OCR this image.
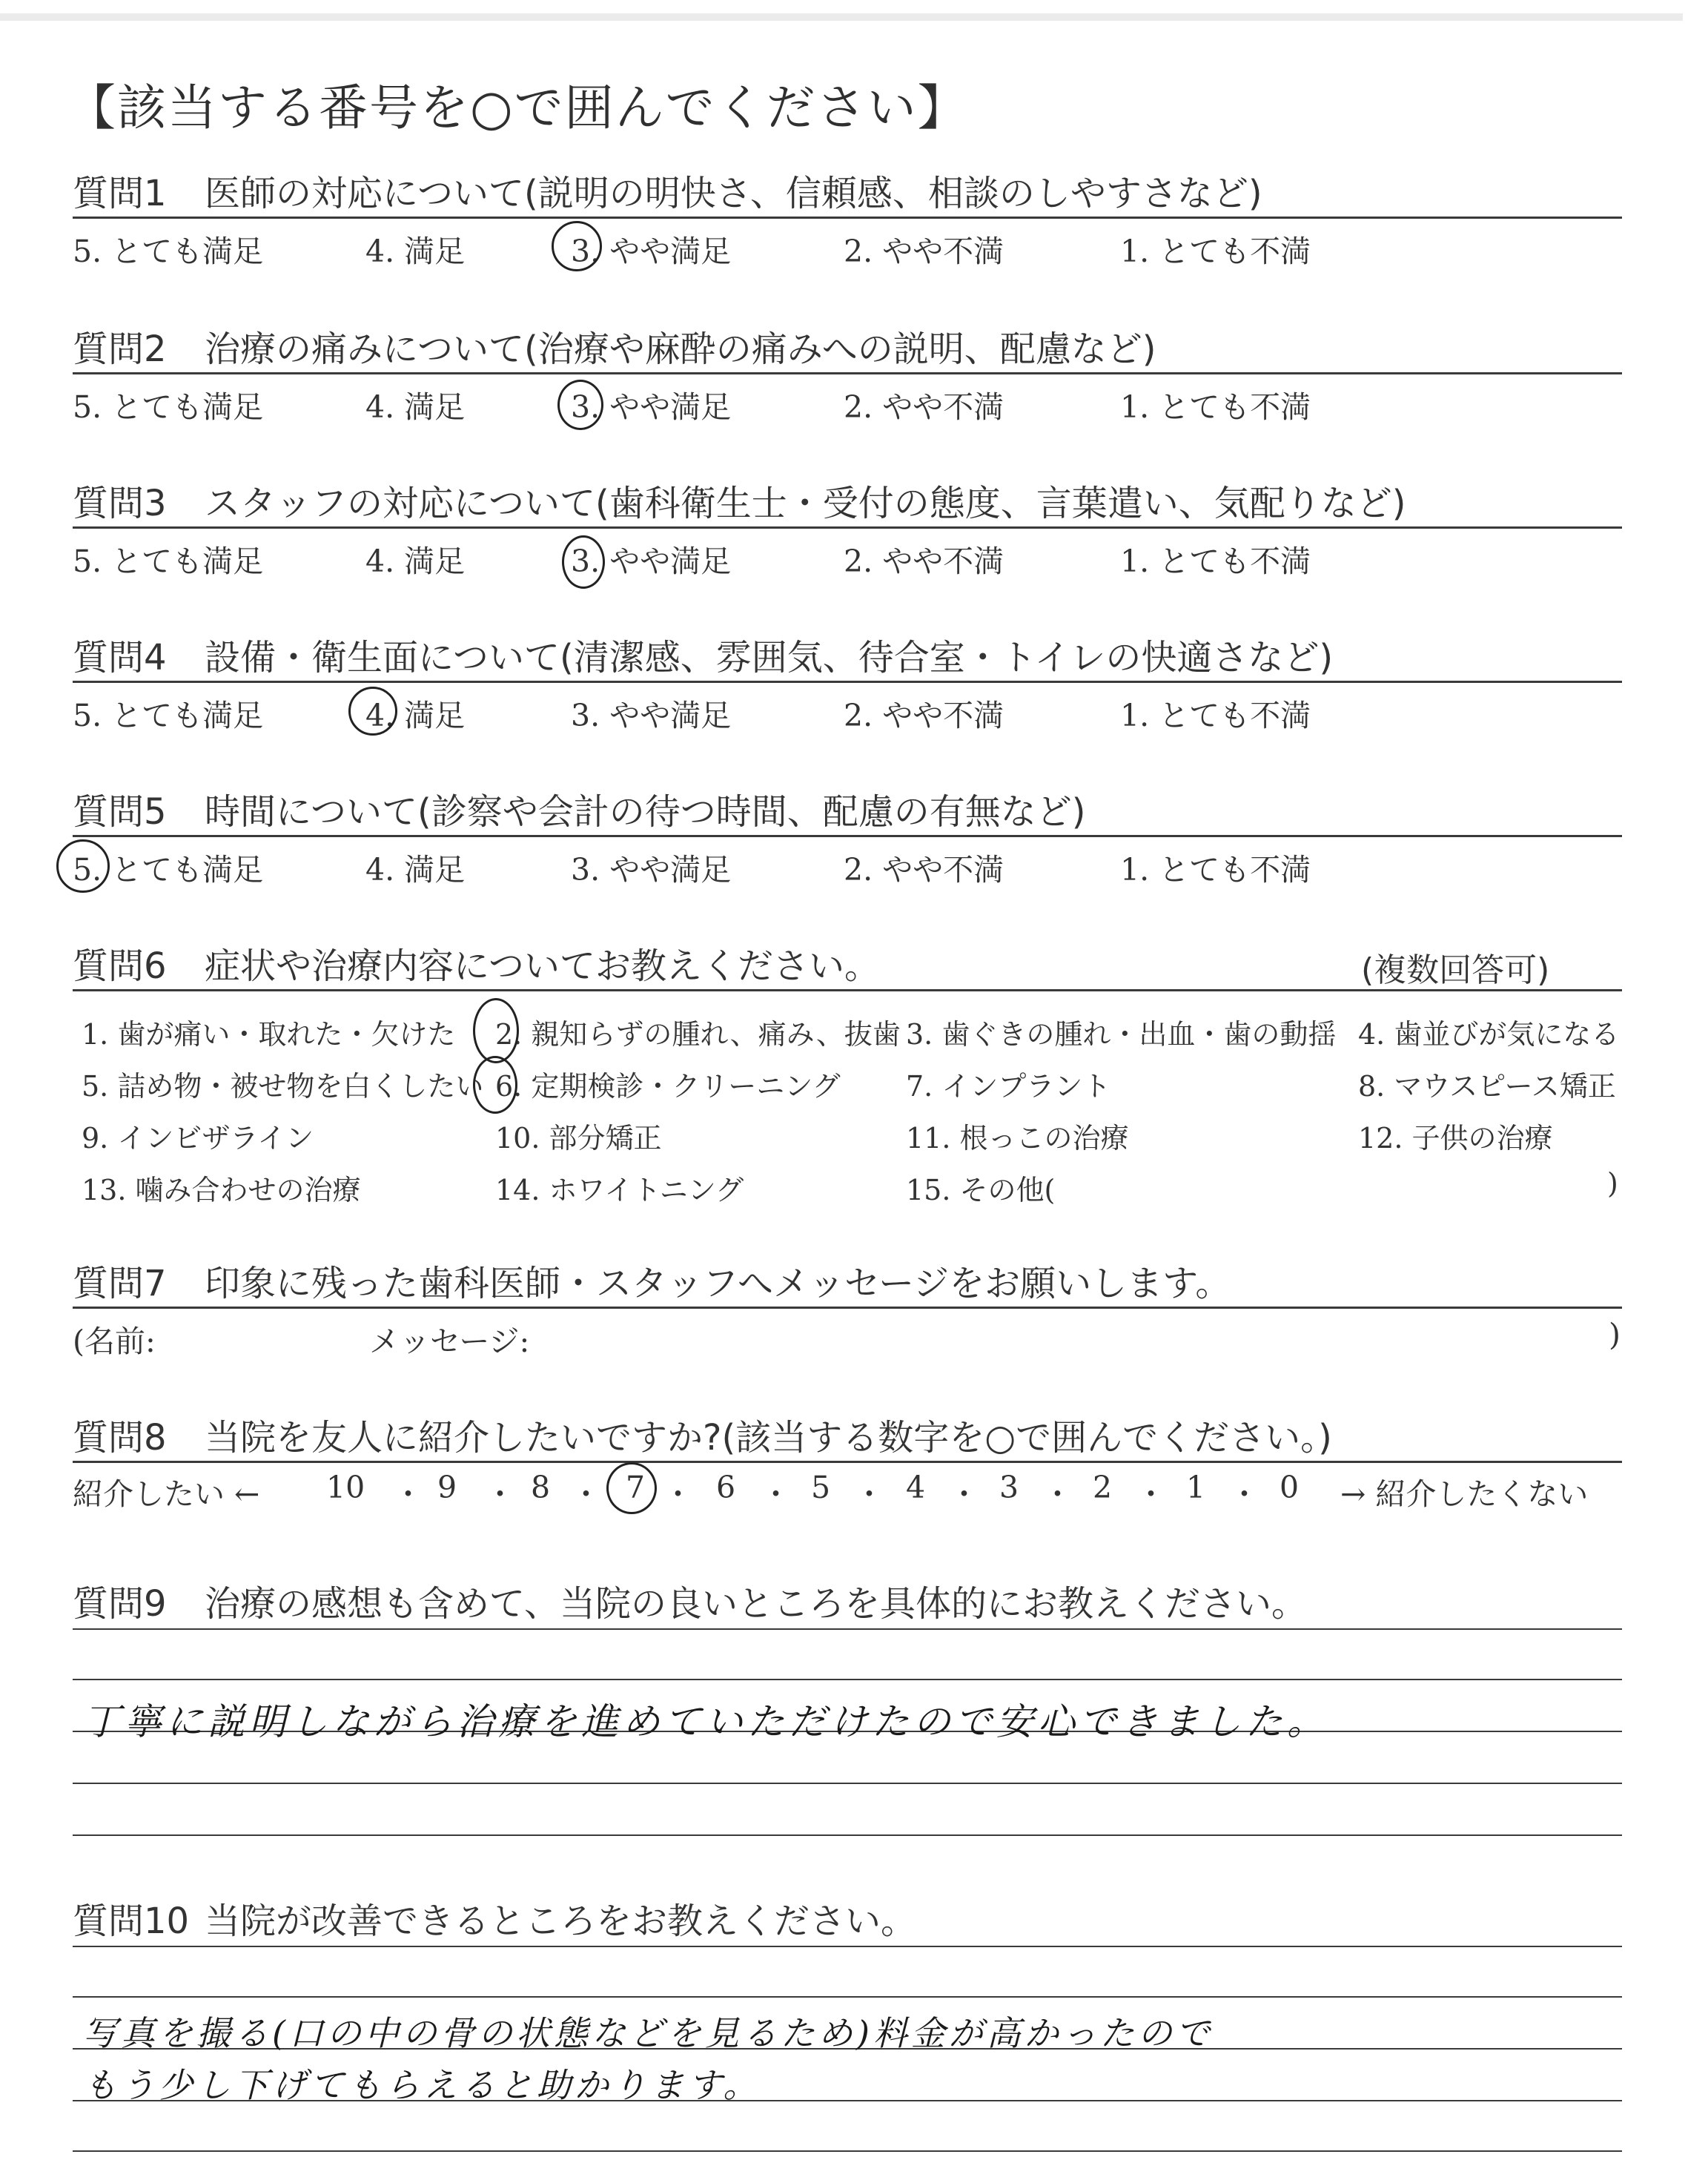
【該当する番号を○で囲んでください】
質問1 医師の対応について(説明の明快さ、信頼感、相談のしやすさなど)
5. とても満足	4. 満足	3. やや満足	2. やや不満	1. とても不満
質問2 治療の痛みについて(治療や麻酔の痛みへの説明、配慮など)
5. とても満足	4. 満足	3. やや満足	2. やや不満	1. とても不満
質問3 スタッフの対応について(歯科衛生士・受付の態度、言葉遣い、気配りなど)
5. とても満足	4. 満足	3. やや満足	2. やや不満	1. とても不満
質問4 設備・衛生面について(清潔感、雰囲気、待合室・トイレの快適さなど)
5. とても満足	4. 満足	3. やや満足	2. やや不満	1. とても不満
質問5 時間について(診察や会計の待つ時間、配慮の有無など)
5. とても満足	4. 満足	3. やや満足	2. やや不満	1. とても不満
質問6 症状や治療内容についてお教えください。	(複数回答可)
1. 歯が痛い・取れた・欠けた 2. 親知らずの腫れ、痛み、抜歯 3. 歯ぐきの腫れ・出血・歯の動揺 4. 歯並びが気になる
5. 詰め物・被せ物を白くしたい 6. 定期検診・クリーニング 7. インプラント	8. マウスピース矯正
9. インビザライン	10. 部分矯正	11. 根っこの治療	12. 子供の治療
13. 噛み合わせの治療	14. ホワイトニング	15. その他(	)
質問7 印象に残った歯科医師・スタッフへメッセージをお願いします。
(名前:	メッセージ:	)
質問8 当院を友人に紹介したいですか?(該当する数字を○で囲んでください。)
紹介したい ← 10 ・ 9 ・ 8 ・ 7 ・ 6 ・ 5 ・ 4 ・ 3 ・ 2 ・ 1 ・ 0 → 紹介したくない
質問9 治療の感想も含めて、当院の良いところを具体的にお教えください。
丁寧に説明しながら治療を進めていただけたので安心できました。
質問10 当院が改善できるところをお教えください。
写真を撮る(口の中の骨の状態などを見るため)料金が高かったので
もう少し下げてもらえると助かります。
